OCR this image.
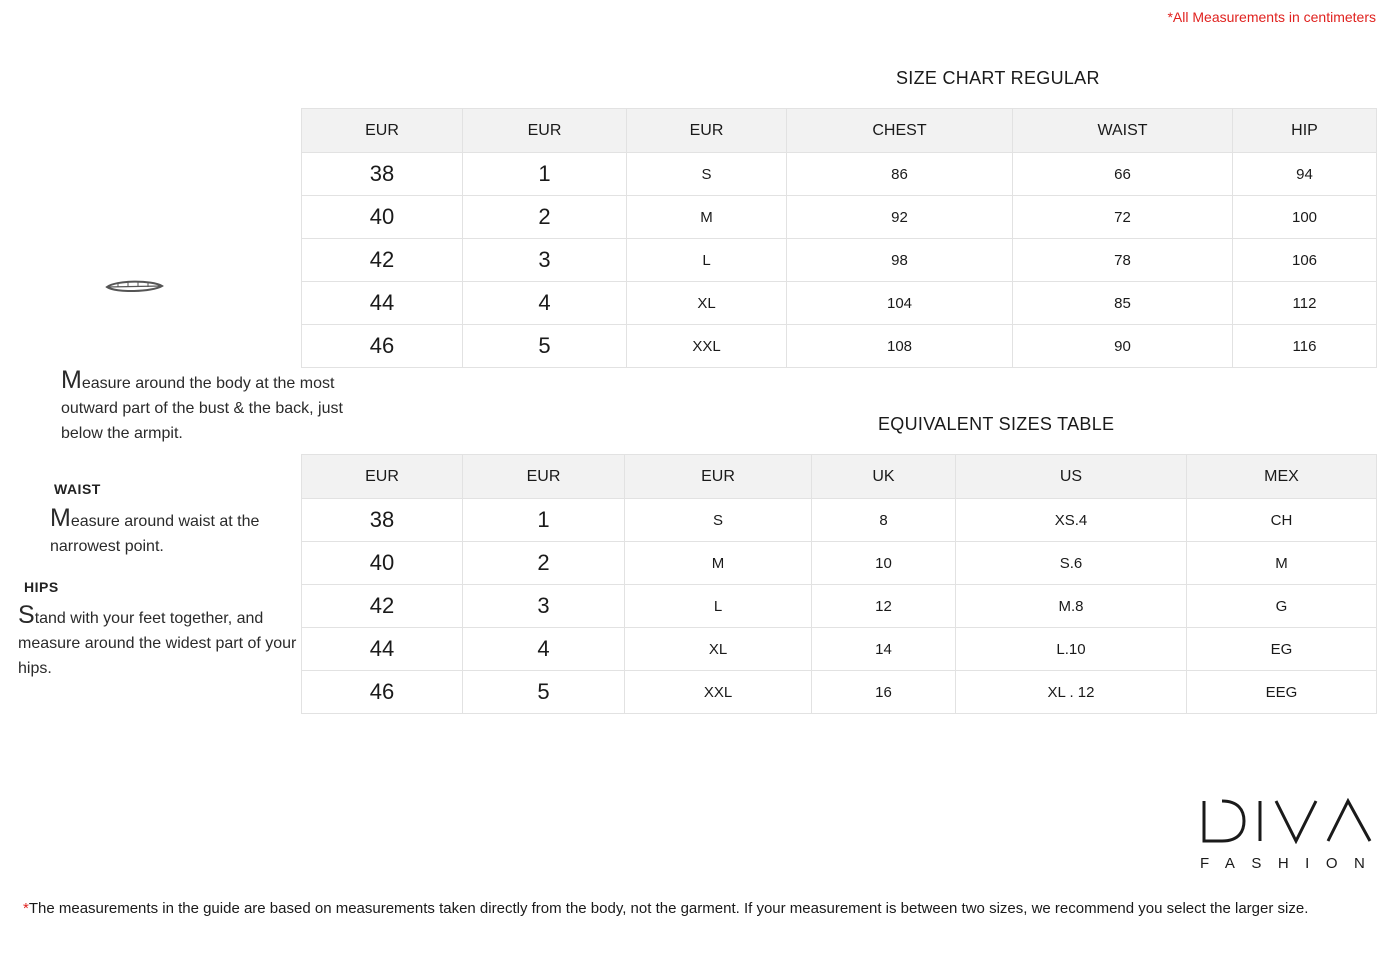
*All Measurements in centimeters
SIZE CHART REGULAR
EUR	EUR	EUR	CHEST	WAIST	HIP
38	1	S	86	66	94
40	2	M	92	72	100
42	3	L	98	78	106
44	4	XL	104	85	112
46	5	XXL	108	90	116
EQUIVALENT SIZES TABLE
EUR	EUR	EUR	UK	US	MEX
38	1	S	8	XS.4	CH
40	2	M	10	S.6	M
42	3	L	12	M.8	G
44	4	XL	14	L.10	EG
46	5	XXL	16	XL . 12	EEG
Measure around the body at the most outward part of the bust & the back, just below the armpit.
WAIST
Measure around waist at the narrowest point.
HIPS
Stand with your feet together, and measure around the widest part of your hips.
FASHION
*The measurements in the guide are based on measurements taken directly from the body, not the garment. If your measurement is between two sizes, we recommend you select the larger size.
